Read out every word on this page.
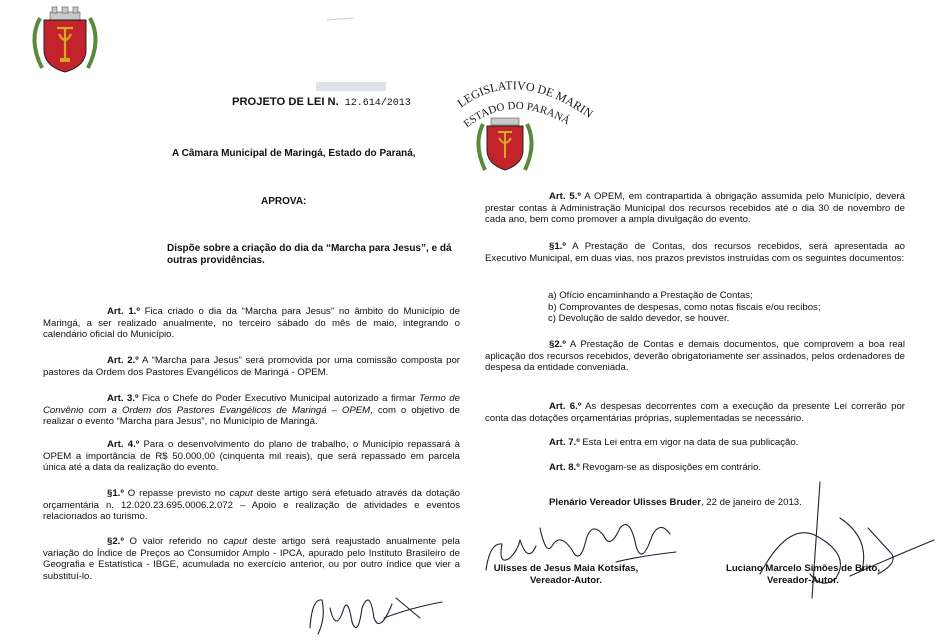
PROJETO DE LEI N. 12.614/2013
A Câmara Municipal de Maringá, Estado do Paraná,
APROVA:
Dispõe sobre a criação do dia da “Marcha para Jesus”, e dá outras providências.
Art. 1.º Fica criado o dia da “Marcha para Jesus” no âmbito do Município de Maringá, a ser realizado anualmente, no terceiro sábado do mês de maio, integrando o calendário oficial do Município.
Art. 2.º A “Marcha para Jesus” será promovida por uma comissão composta por pastores da Ordem dos Pastores Evangélicos de Maringá - OPEM.
Art. 3.º Fica o Chefe do Poder Executivo Municipal autorizado a firmar Termo de Convênio com a Ordem dos Pastores Evangélicos de Maringá – OPEM, com o objetivo de realizar o evento “Marcha para Jesus”, no Município de Maringá.
Art. 4.º Para o desenvolvimento do plano de trabalho, o Município repassará à OPEM a importância de R$ 50.000,00 (cinquenta mil reais), que será repassado em parcela única até a data da realização do evento.
§1.º O repasse previsto no caput deste artigo será efetuado através da dotação orçamentária n. 12.020.23.695.0006.2.072 – Apoio e realização de atividades e eventos relacionados ao turismo.
§2.º O valor referido no caput deste artigo será reajustado anualmente pela variação do Índice de Preços ao Consumidor Amplo - IPCA, apurado pelo Instituto Brasileiro de Geografia e Estatística - IBGE, acumulada no exercício anterior, ou por outro índice que vier a substituí-lo.
LEGISLATIVO DE MARIN
ESTADO DO PARANÁ
Art. 5.º A OPEM, em contrapartida à obrigação assumida pelo Município, deverá prestar contas à Administração Municipal dos recursos recebidos até o dia 30 de novembro de cada ano, bem como promover a ampla divulgação do evento.
§1.º A Prestação de Contas, dos recursos recebidos, será apresentada ao Executivo Municipal, em duas vias, nos prazos previstos instruídas com os seguintes documentos:
a) Ofício encaminhando a Prestação de Contas;
b) Comprovantes de despesas, como notas fiscais e/ou recibos;
c) Devolução de saldo devedor, se houver.
§2.º A Prestação de Contas e demais documentos, que comprovem a boa real aplicação dos recursos recebidos, deverão obrigatoriamente ser assinados, pelos ordenadores de despesa da entidade conveniada.
Art. 6.º As despesas decorrentes com a execução da presente Lei correrão por conta das dotações orçamentárias próprias, suplementadas se necessário.
Art. 7.º Esta Lei entra em vigor na data de sua publicação.
Art. 8.º Revogam-se as disposições em contrário.
Plenário Vereador Ulisses Bruder, 22 de janeiro de 2013.
Ulisses de Jesus Maia Kotsifas,
Vereador-Autor.
Luciano Marcelo Simões de Brito,
Vereador-Autor.
